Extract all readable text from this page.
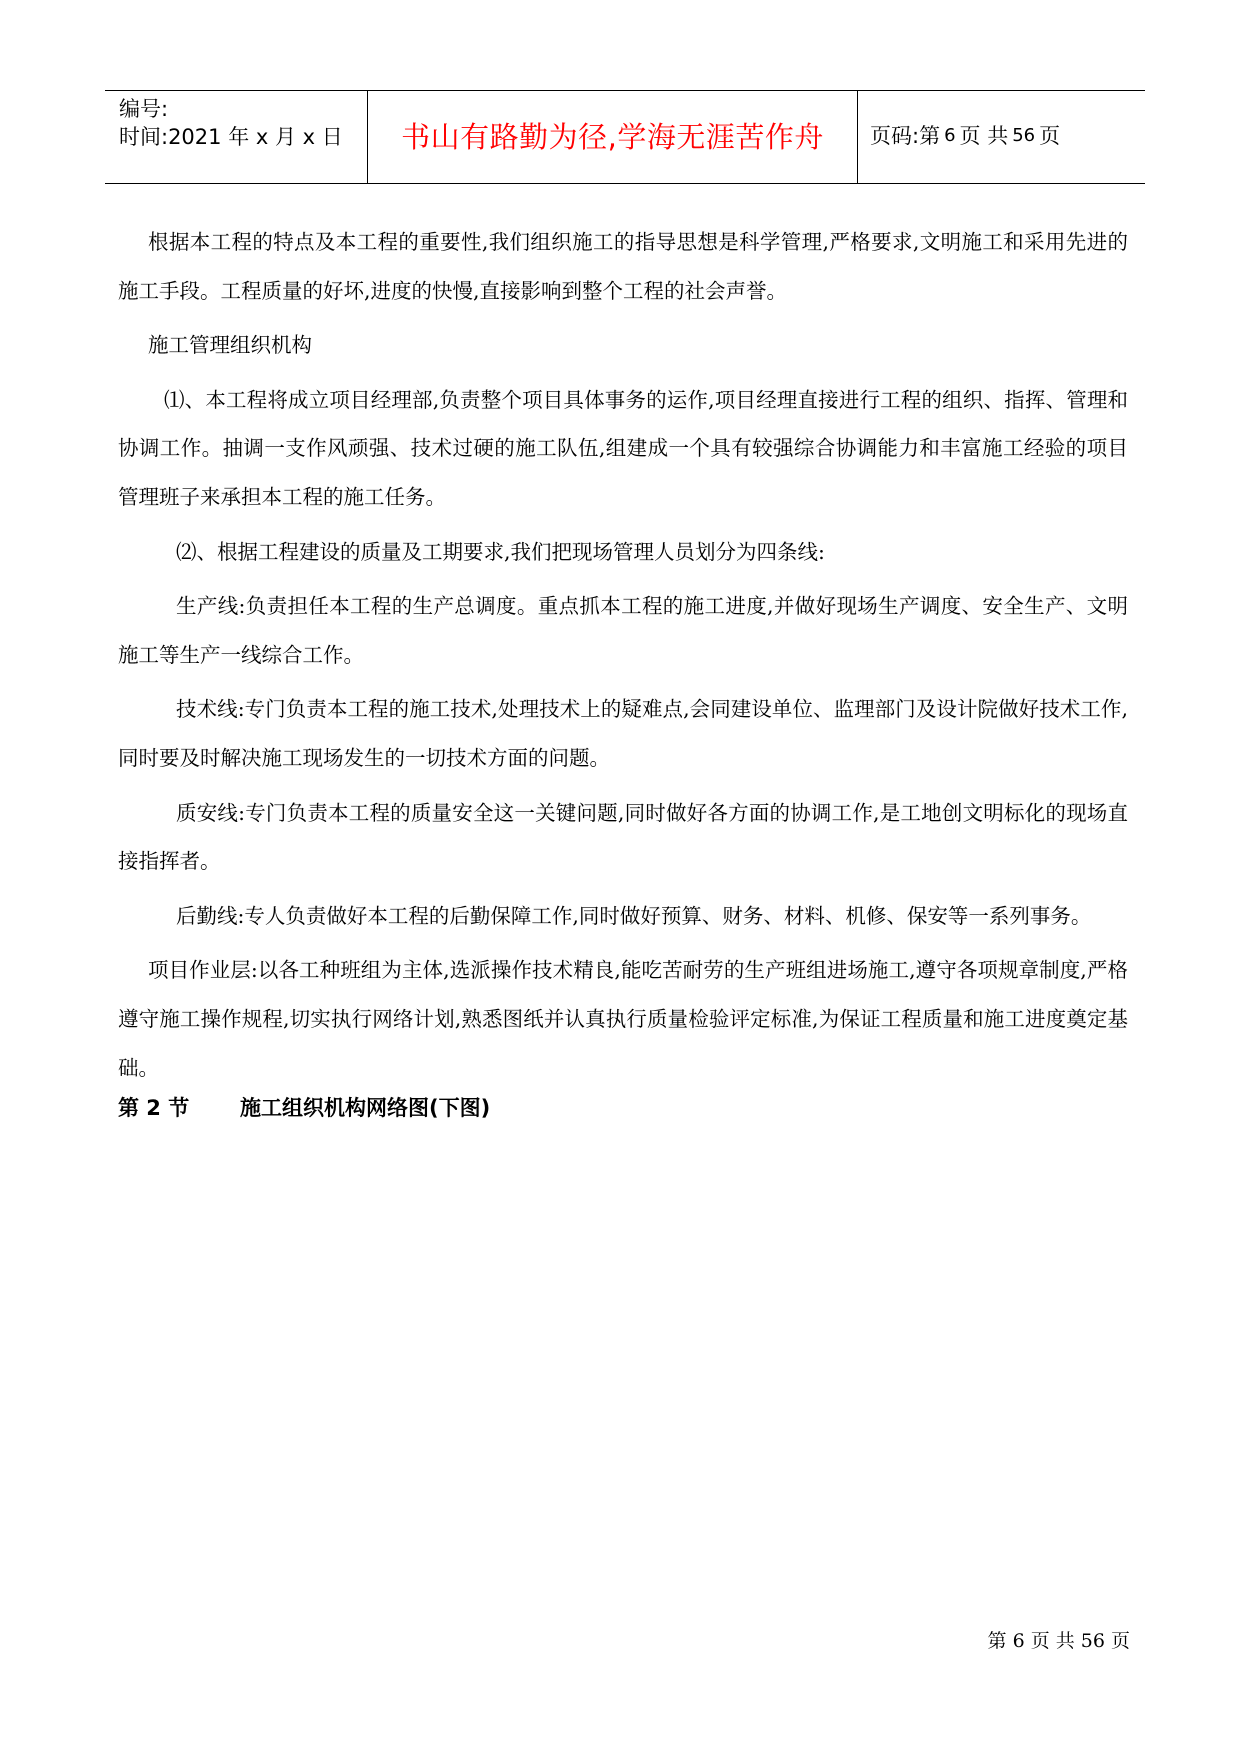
编号:
时间:2021 年 x 月 x 日	书山有路勤为径,学海无涯苦作舟 页码:第 6 页 共 56 页

根据本工程的特点及本工程的重要性,我们组织施工的指导思想是科学管理,严格要求,文明施工和采用先进的施工手段。工程质量的好坏,进度的快慢,直接影响到整个工程的社会声誉。

施工管理组织机构

⑴、本工程将成立项目经理部,负责整个项目具体事务的运作,项目经理直接进行工程的组织、指挥、管理和协调工作。抽调一支作风顽强、技术过硬的施工队伍,组建成一个具有较强综合协调能力和丰富施工经验的项目管理班子来承担本工程的施工任务。

⑵、根据工程建设的质量及工期要求,我们把现场管理人员划分为四条线:

生产线:负责担任本工程的生产总调度。重点抓本工程的施工进度,并做好现场生产调度、安全生产、文明施工等生产一线综合工作。

技术线:专门负责本工程的施工技术,处理技术上的疑难点,会同建设单位、监理部门及设计院做好技术工作,同时要及时解决施工现场发生的一切技术方面的问题。

质安线:专门负责本工程的质量安全这一关键问题,同时做好各方面的协调工作,是工地创文明标化的现场直接指挥者。

后勤线:专人负责做好本工程的后勤保障工作,同时做好预算、财务、材料、机修、保安等一系列事务。

项目作业层:以各工种班组为主体,选派操作技术精良,能吃苦耐劳的生产班组进场施工,遵守各项规章制度,严格遵守施工操作规程,切实执行网络计划,熟悉图纸并认真执行质量检验评定标准,为保证工程质量和施工进度奠定基础。

第 2 节	施工组织机构网络图(下图)
第 6 页 共 56 页
